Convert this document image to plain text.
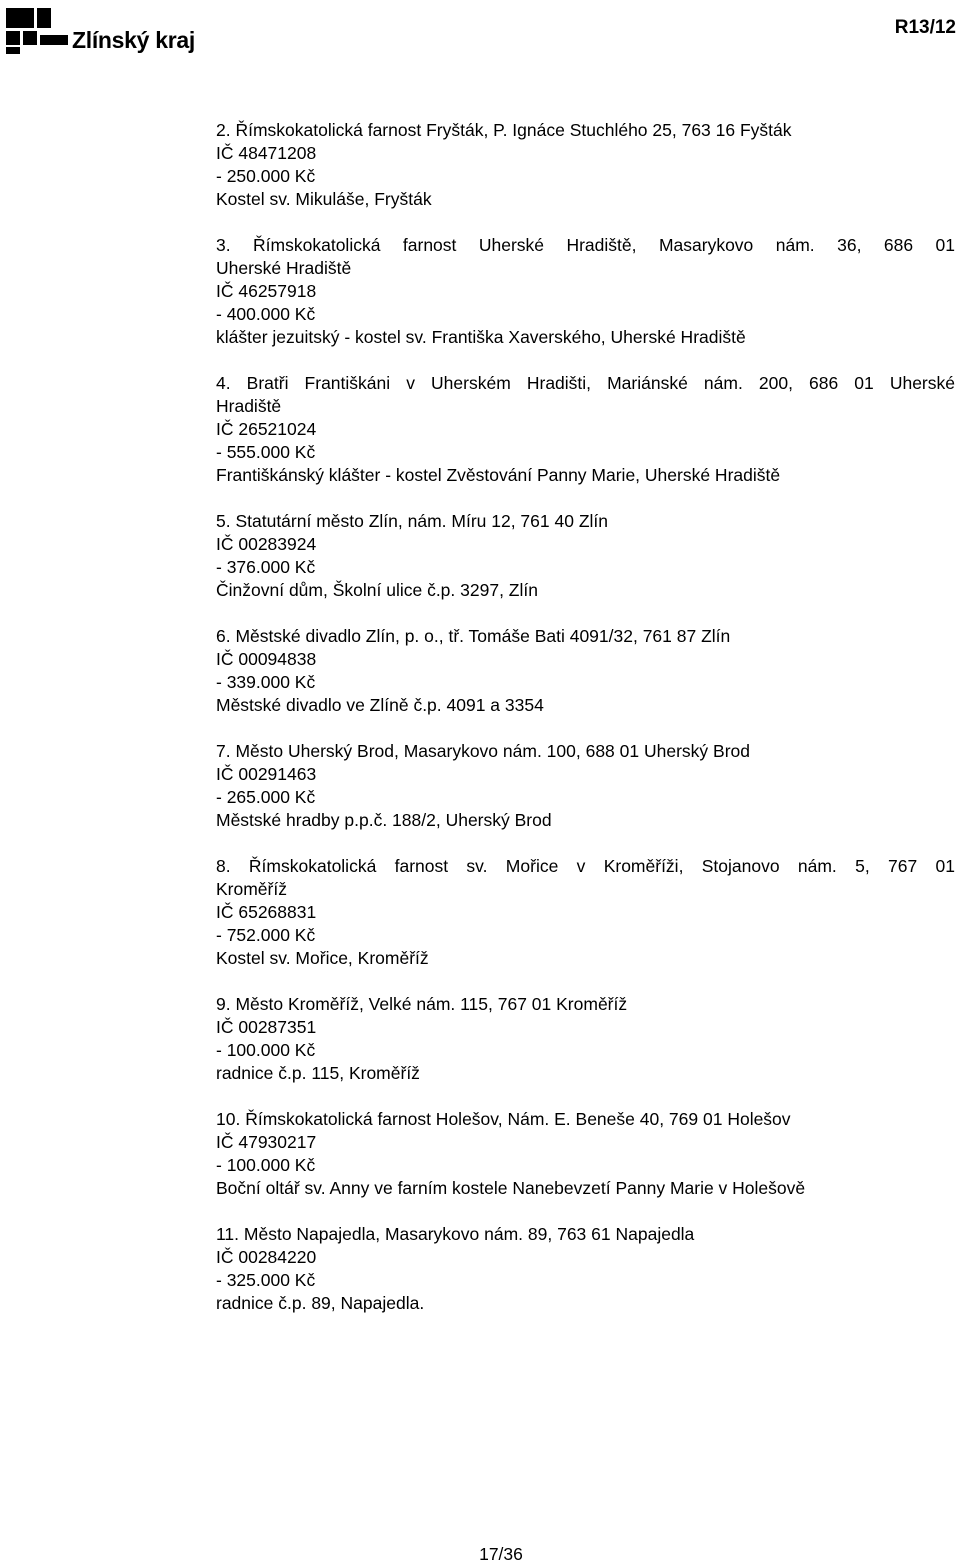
Zlínský kraj	R13/12
2. Římskokatolická farnost Fryšták, P. Ignáce Stuchlého 25, 763 16 Fyšták
IČ 48471208
- 250.000 Kč
Kostel sv. Mikuláše, Fryšták
3. Římskokatolická farnost Uherské Hradiště, Masarykovo nám. 36, 686 01
Uherské Hradiště
IČ 46257918
- 400.000 Kč
klášter jezuitský - kostel sv. Františka Xaverského, Uherské Hradiště
4. Bratři Františkáni v Uherském Hradišti, Mariánské nám. 200, 686 01 Uherské
Hradiště
IČ 26521024
- 555.000 Kč
Františkánský klášter - kostel Zvěstování Panny Marie, Uherské Hradiště
5. Statutární město Zlín, nám. Míru 12, 761 40 Zlín
IČ 00283924
- 376.000 Kč
Činžovní dům, Školní ulice č.p. 3297, Zlín
6. Městské divadlo Zlín, p. o., tř. Tomáše Bati 4091/32, 761 87 Zlín
IČ 00094838
- 339.000 Kč
Městské divadlo ve Zlíně č.p. 4091 a 3354
7. Město Uherský Brod, Masarykovo nám. 100, 688 01 Uherský Brod
IČ 00291463
- 265.000 Kč
Městské hradby p.p.č. 188/2, Uherský Brod
8. Římskokatolická farnost sv. Mořice v Kroměříži, Stojanovo nám. 5, 767 01
Kroměříž
IČ 65268831
- 752.000 Kč
Kostel sv. Mořice, Kroměříž
9. Město Kroměříž, Velké nám. 115, 767 01 Kroměříž
IČ 00287351
- 100.000 Kč
radnice č.p. 115, Kroměříž
10. Římskokatolická farnost Holešov, Nám. E. Beneše 40, 769 01 Holešov
IČ 47930217
- 100.000 Kč
Boční oltář sv. Anny ve farním kostele Nanebevzetí Panny Marie v Holešově
11. Město Napajedla, Masarykovo nám. 89, 763 61 Napajedla
IČ 00284220
- 325.000 Kč
radnice č.p. 89, Napajedla.
17/36
